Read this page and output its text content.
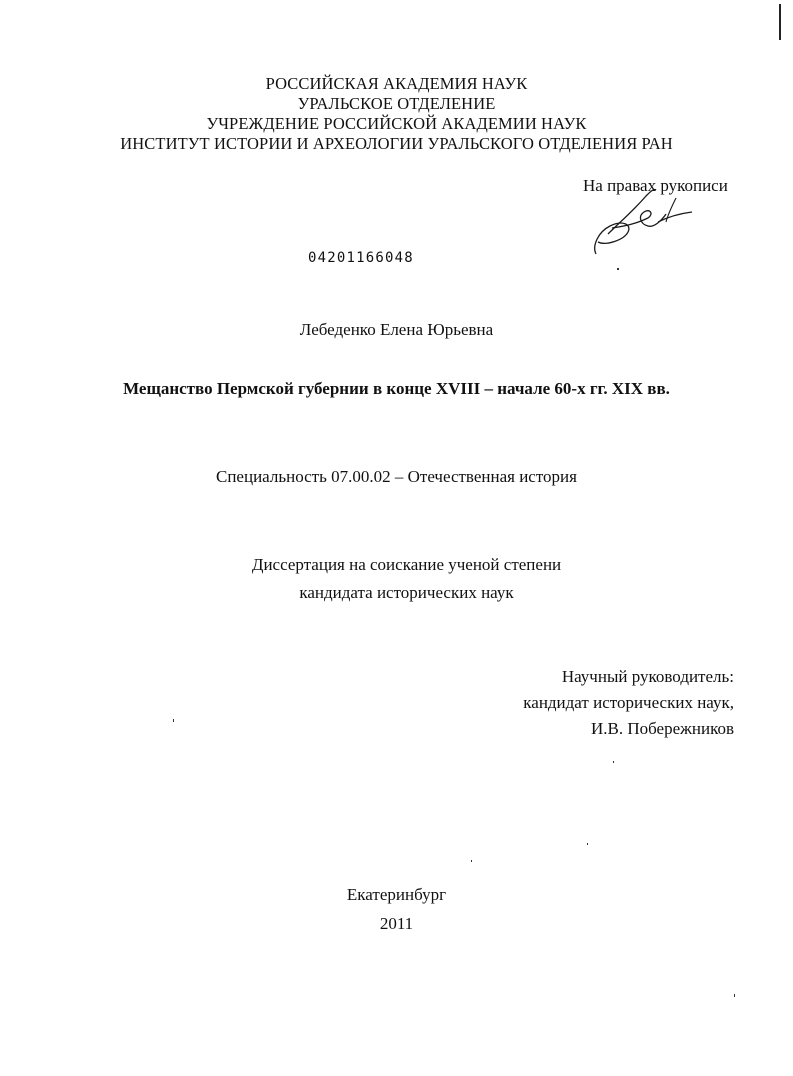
РОССИЙСКАЯ АКАДЕМИЯ НАУК
УРАЛЬСКОЕ ОТДЕЛЕНИЕ
УЧРЕЖДЕНИЕ РОССИЙСКОЙ АКАДЕМИИ НАУК
ИНСТИТУТ ИСТОРИИ И АРХЕОЛОГИИ УРАЛЬСКОГО ОТДЕЛЕНИЯ РАН
На правах рукописи
04201166048
Лебеденко Елена Юрьевна
Мещанство Пермской губернии в конце XVIII – начале 60-х гг. XIX вв.
Специальность 07.00.02 – Отечественная история
Диссертация на соискание ученой степени
кандидата исторических наук
Научный руководитель:
кандидат исторических наук,
И.В. Побережников
Екатеринбург
2011
